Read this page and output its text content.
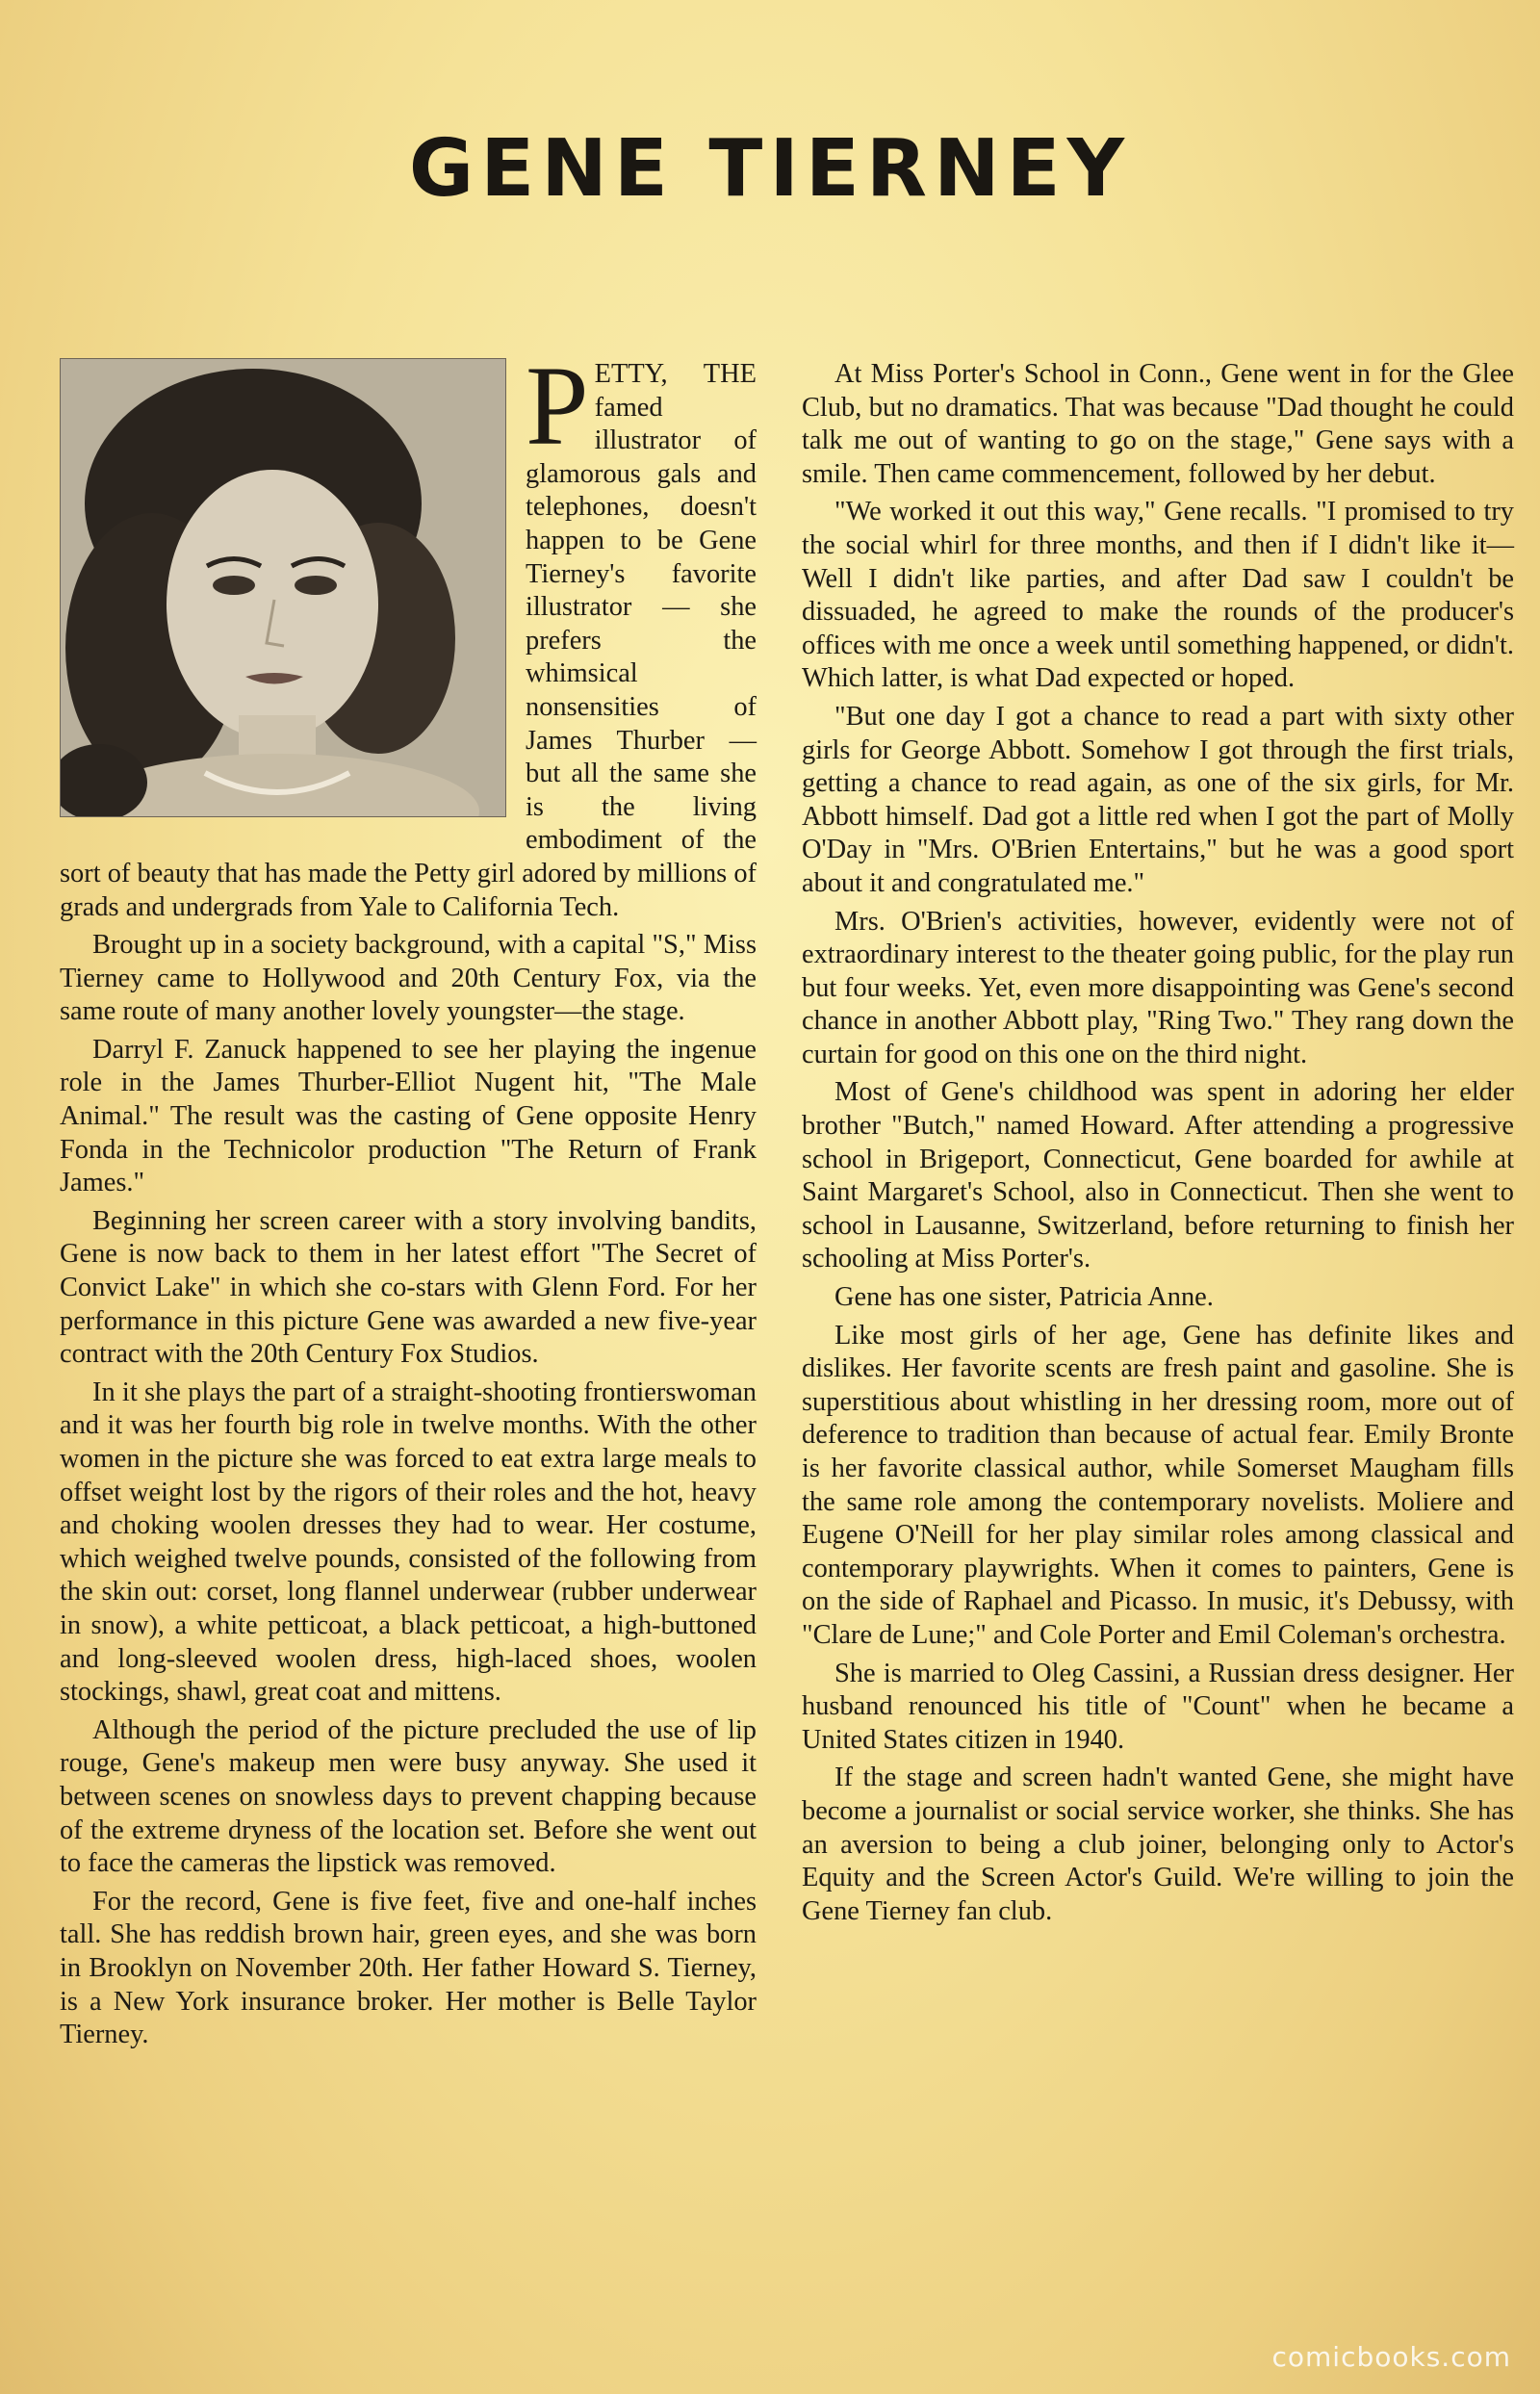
GENE TIERNEY

PETTY, THE famed illustrator of glamorous gals and telephones, doesn't happen to be Gene Tierney's favorite illustrator — she prefers the whimsical nonsensities of James Thurber — but all the same she is the living embodiment of the sort of beauty that has made the Petty girl adored by millions of grads and undergrads from Yale to California Tech.

Brought up in a society background, with a capital "S," Miss Tierney came to Hollywood and 20th Century Fox, via the same route of many another lovely youngster—the stage.

Darryl F. Zanuck happened to see her playing the ingenue role in the James Thurber-Elliot Nugent hit, "The Male Animal." The result was the casting of Gene opposite Henry Fonda in the Technicolor production "The Return of Frank James."

Beginning her screen career with a story involving bandits, Gene is now back to them in her latest effort "The Secret of Convict Lake" in which she co-stars with Glenn Ford. For her performance in this picture Gene was awarded a new five-year contract with the 20th Century Fox Studios.

In it she plays the part of a straight-shooting frontierswoman and it was her fourth big role in twelve months. With the other women in the picture she was forced to eat extra large meals to offset weight lost by the rigors of their roles and the hot, heavy and choking woolen dresses they had to wear. Her costume, which weighed twelve pounds, consisted of the following from the skin out: corset, long flannel underwear (rubber underwear in snow), a white petticoat, a black petticoat, a high-buttoned and long-sleeved woolen dress, high-laced shoes, woolen stockings, shawl, great coat and mittens.

Although the period of the picture precluded the use of lip rouge, Gene's makeup men were busy anyway. She used it between scenes on snowless days to prevent chapping because of the extreme dryness of the location set. Before she went out to face the cameras the lipstick was removed.

For the record, Gene is five feet, five and one-half inches tall. She has reddish brown hair, green eyes, and she was born in Brooklyn on November 20th. Her father Howard S. Tierney, is a New York insurance broker. Her mother is Belle Taylor Tierney.

At Miss Porter's School in Conn., Gene went in for the Glee Club, but no dramatics. That was because "Dad thought he could talk me out of wanting to go on the stage," Gene says with a smile. Then came commencement, followed by her debut.

"We worked it out this way," Gene recalls. "I promised to try the social whirl for three months, and then if I didn't like it—Well I didn't like parties, and after Dad saw I couldn't be dissuaded, he agreed to make the rounds of the producer's offices with me once a week until something happened, or didn't. Which latter, is what Dad expected or hoped.

"But one day I got a chance to read a part with sixty other girls for George Abbott. Somehow I got through the first trials, getting a chance to read again, as one of the six girls, for Mr. Abbott himself. Dad got a little red when I got the part of Molly O'Day in "Mrs. O'Brien Entertains," but he was a good sport about it and congratulated me."

Mrs. O'Brien's activities, however, evidently were not of extraordinary interest to the theater going public, for the play run but four weeks. Yet, even more disappointing was Gene's second chance in another Abbott play, "Ring Two." They rang down the curtain for good on this one on the third night.

Most of Gene's childhood was spent in adoring her elder brother "Butch," named Howard. After attending a progressive school in Brigeport, Connecticut, Gene boarded for awhile at Saint Margaret's School, also in Connecticut. Then she went to school in Lausanne, Switzerland, before returning to finish her schooling at Miss Porter's.

Gene has one sister, Patricia Anne.

Like most girls of her age, Gene has definite likes and dislikes. Her favorite scents are fresh paint and gasoline. She is superstitious about whistling in her dressing room, more out of deference to tradition than because of actual fear. Emily Bronte is her favorite classical author, while Somerset Maugham fills the same role among the contemporary novelists. Moliere and Eugene O'Neill for her play similar roles among classical and contemporary playwrights. When it comes to painters, Gene is on the side of Raphael and Picasso. In music, it's Debussy, with "Clare de Lune;" and Cole Porter and Emil Coleman's orchestra.

She is married to Oleg Cassini, a Russian dress designer. Her husband renounced his title of "Count" when he became a United States citizen in 1940.

If the stage and screen hadn't wanted Gene, she might have become a journalist or social service worker, she thinks. She has an aversion to being a club joiner, belonging only to Actor's Equity and the Screen Actor's Guild. We're willing to join the Gene Tierney fan club.

comicbooks.com
